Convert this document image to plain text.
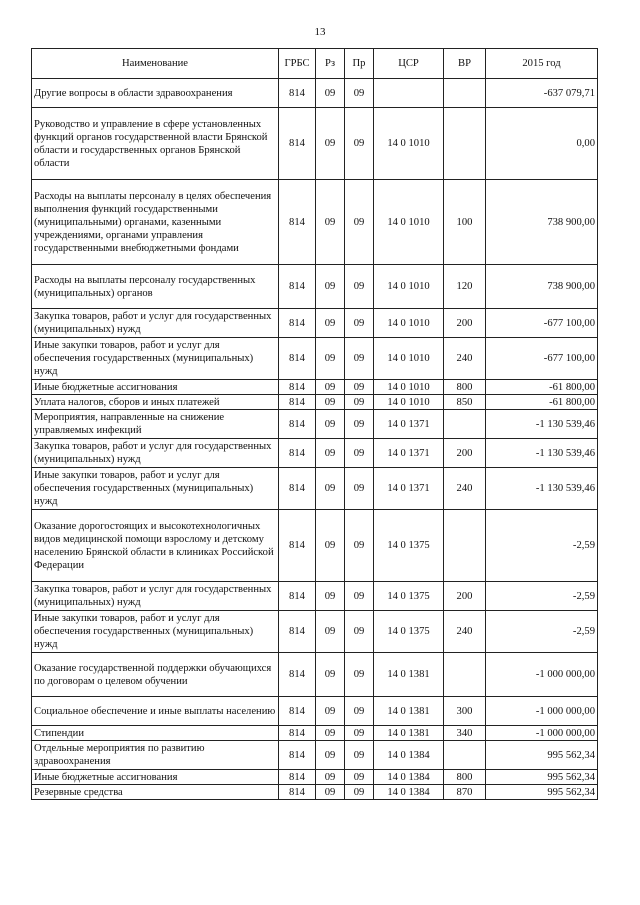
13
Наименование	ГРБС	Рз	Пр	ЦСР	ВР	2015 год
Другие вопросы в области здравоохранения	814	09	09			-637 079,71
Руководство и управление в сфере установленных функций органов государственной власти Брянской области и государственных органов Брянской области	814	09	09	14 0 1010		0,00
Расходы на выплаты персоналу в целях обеспечения выполнения функций государственными (муниципальными) органами, казенными учреждениями, органами управления государственными внебюджетными фондами	814	09	09	14 0 1010	100	738 900,00
Расходы на выплаты персоналу государственных (муниципальных) органов	814	09	09	14 0 1010	120	738 900,00
Закупка товаров, работ и услуг для государственных (муниципальных) нужд	814	09	09	14 0 1010	200	-677 100,00
Иные закупки товаров, работ и услуг для обеспечения государственных (муниципальных) нужд	814	09	09	14 0 1010	240	-677 100,00
Иные бюджетные ассигнования	814	09	09	14 0 1010	800	-61 800,00
Уплата налогов, сборов и иных платежей	814	09	09	14 0 1010	850	-61 800,00
Мероприятия, направленные на снижение управляемых инфекций	814	09	09	14 0 1371		-1 130 539,46
Закупка товаров, работ и услуг для государственных (муниципальных) нужд	814	09	09	14 0 1371	200	-1 130 539,46
Иные закупки товаров, работ и услуг для обеспечения государственных (муниципальных) нужд	814	09	09	14 0 1371	240	-1 130 539,46
Оказание дорогостоящих и высокотехнологичных видов медицинской помощи взрослому и детскому населению Брянской области в клиниках Российской Федерации	814	09	09	14 0 1375		-2,59
Закупка товаров, работ и услуг для государственных (муниципальных) нужд	814	09	09	14 0 1375	200	-2,59
Иные закупки товаров, работ и услуг для обеспечения государственных (муниципальных) нужд	814	09	09	14 0 1375	240	-2,59
Оказание государственной поддержки обучающихся по договорам о целевом обучении	814	09	09	14 0 1381		-1 000 000,00
Социальное обеспечение и иные выплаты населению	814	09	09	14 0 1381	300	-1 000 000,00
Стипендии	814	09	09	14 0 1381	340	-1 000 000,00
Отдельные мероприятия по развитию здравоохранения	814	09	09	14 0 1384		995 562,34
Иные бюджетные ассигнования	814	09	09	14 0 1384	800	995 562,34
Резервные средства	814	09	09	14 0 1384	870	995 562,34
